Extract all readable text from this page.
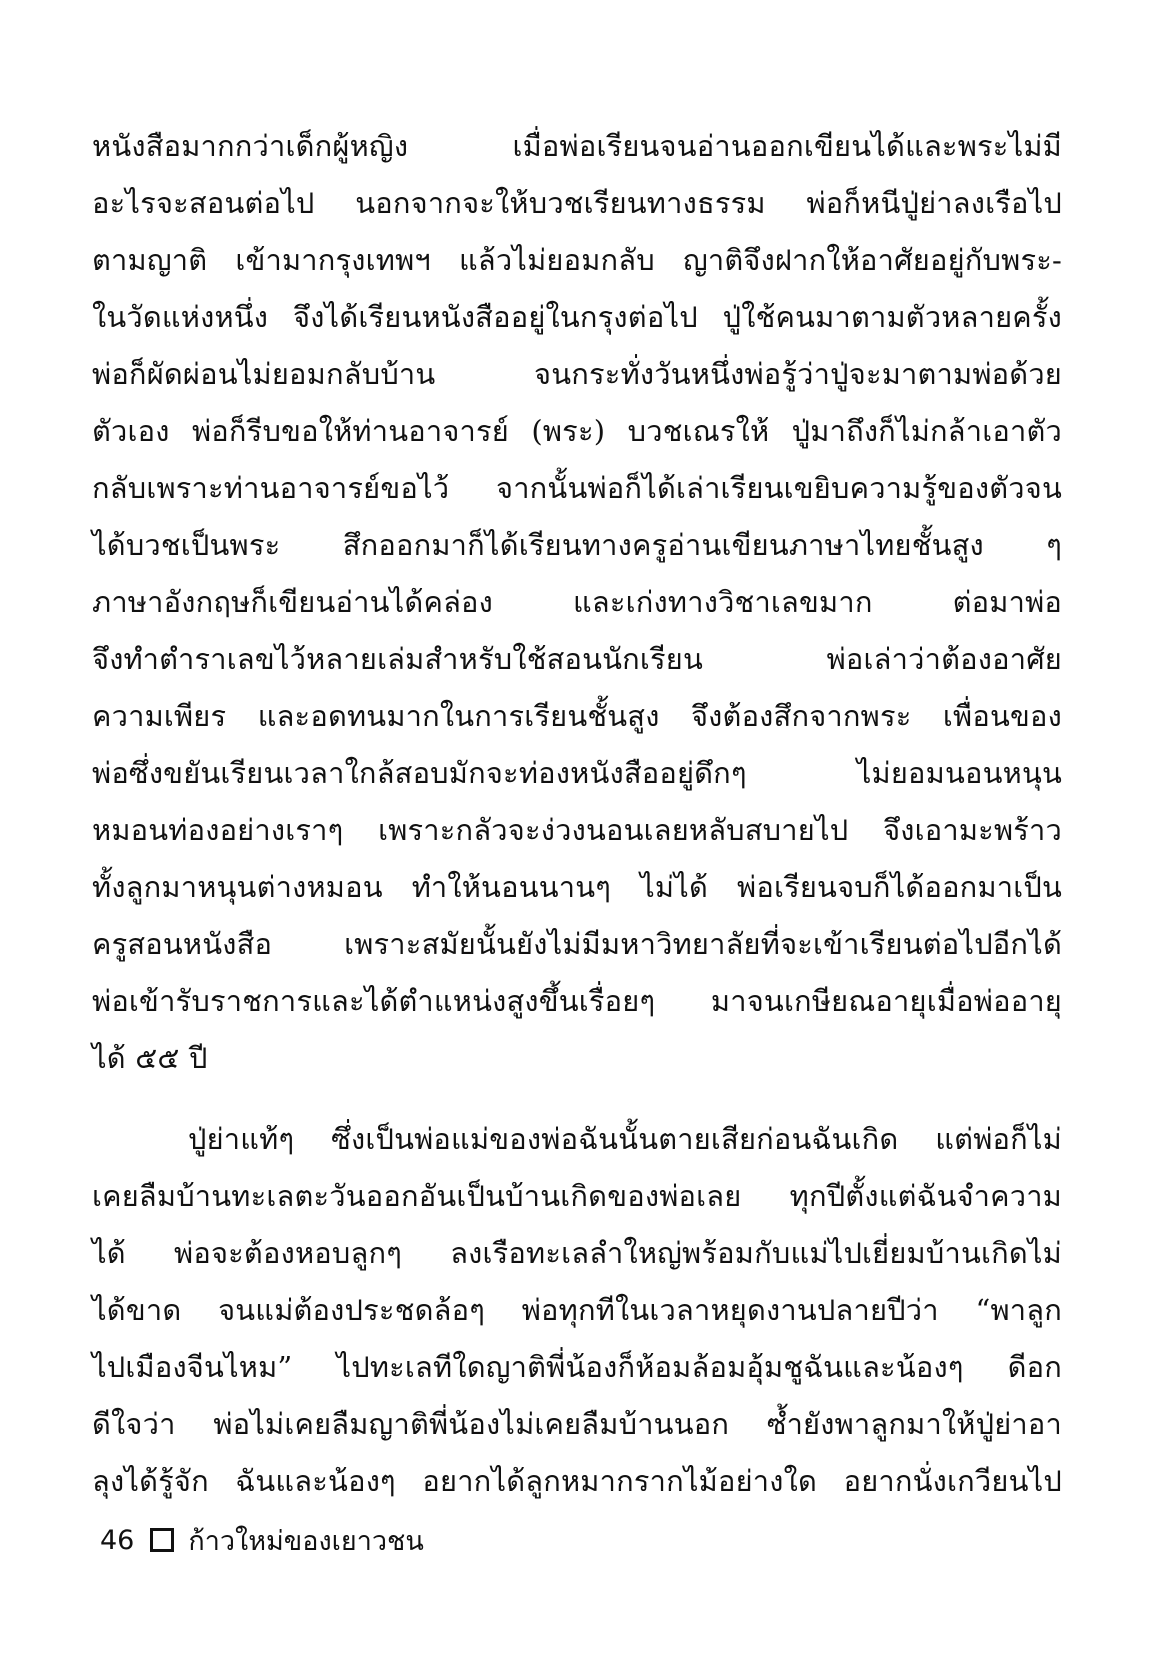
หนังสือมากกว่าเด็กผู้หญิง เมื่อพ่อเรียนจนอ่านออกเขียนได้และพระไม่มี
อะไรจะสอนต่อไป นอกจากจะให้บวชเรียนทางธรรม พ่อก็หนีปู่ย่าลงเรือไป
ตามญาติ เข้ามากรุงเทพฯ แล้วไม่ยอมกลับ ญาติจึงฝากให้อาศัยอยู่กับพระ-
ในวัดแห่งหนึ่ง จึงได้เรียนหนังสืออยู่ในกรุงต่อไป ปู่ใช้คนมาตามตัวหลายครั้ง
พ่อก็ผัดผ่อนไม่ยอมกลับบ้าน จนกระทั่งวันหนึ่งพ่อรู้ว่าปู่จะมาตามพ่อด้วย
ตัวเอง พ่อก็รีบขอให้ท่านอาจารย์ (พระ) บวชเณรให้ ปู่มาถึงก็ไม่กล้าเอาตัว
กลับเพราะท่านอาจารย์ขอไว้ จากนั้นพ่อก็ได้เล่าเรียนเขยิบความรู้ของตัวจน
ได้บวชเป็นพระ สึกออกมาก็ได้เรียนทางครูอ่านเขียนภาษาไทยชั้นสูง ๆ
ภาษาอังกฤษก็เขียนอ่านได้คล่อง และเก่งทางวิชาเลขมาก ต่อมาพ่อ
จึงทำตำราเลขไว้หลายเล่มสำหรับใช้สอนนักเรียน พ่อเล่าว่าต้องอาศัย
ความเพียร และอดทนมากในการเรียนชั้นสูง จึงต้องสึกจากพระ เพื่อนของ
พ่อซึ่งขยันเรียนเวลาใกล้สอบมักจะท่องหนังสืออยู่ดึกๆ ไม่ยอมนอนหนุน
หมอนท่องอย่างเราๆ เพราะกลัวจะง่วงนอนเลยหลับสบายไป จึงเอามะพร้าว
ทั้งลูกมาหนุนต่างหมอน ทำให้นอนนานๆ ไม่ได้ พ่อเรียนจบก็ได้ออกมาเป็น
ครูสอนหนังสือ เพราะสมัยนั้นยังไม่มีมหาวิทยาลัยที่จะเข้าเรียนต่อไปอีกได้
พ่อเข้ารับราชการและได้ตำแหน่งสูงขึ้นเรื่อยๆ มาจนเกษียณอายุเมื่อพ่ออายุ
ได้ ๕๕ ปี
ปู่ย่าแท้ๆ ซึ่งเป็นพ่อแม่ของพ่อฉันนั้นตายเสียก่อนฉันเกิด แต่พ่อก็ไม่
เคยลืมบ้านทะเลตะวันออกอันเป็นบ้านเกิดของพ่อเลย ทุกปีตั้งแต่ฉันจำความ
ได้ พ่อจะต้องหอบลูกๆ ลงเรือทะเลลำใหญ่พร้อมกับแม่ไปเยี่ยมบ้านเกิดไม่
ได้ขาด จนแม่ต้องประชดล้อๆ พ่อทุกทีในเวลาหยุดงานปลายปีว่า “พาลูก
ไปเมืองจีนไหม” ไปทะเลทีใดญาติพี่น้องก็ห้อมล้อมอุ้มชูฉันและน้องๆ ดีอก
ดีใจว่า พ่อไม่เคยลืมญาติพี่น้องไม่เคยลืมบ้านนอก ซ้ำยังพาลูกมาให้ปู่ย่าอา
ลุงได้รู้จัก ฉันและน้องๆ อยากได้ลูกหมากรากไม้อย่างใด อยากนั่งเกวียนไป
46 ก้าวใหม่ของเยาวชน
